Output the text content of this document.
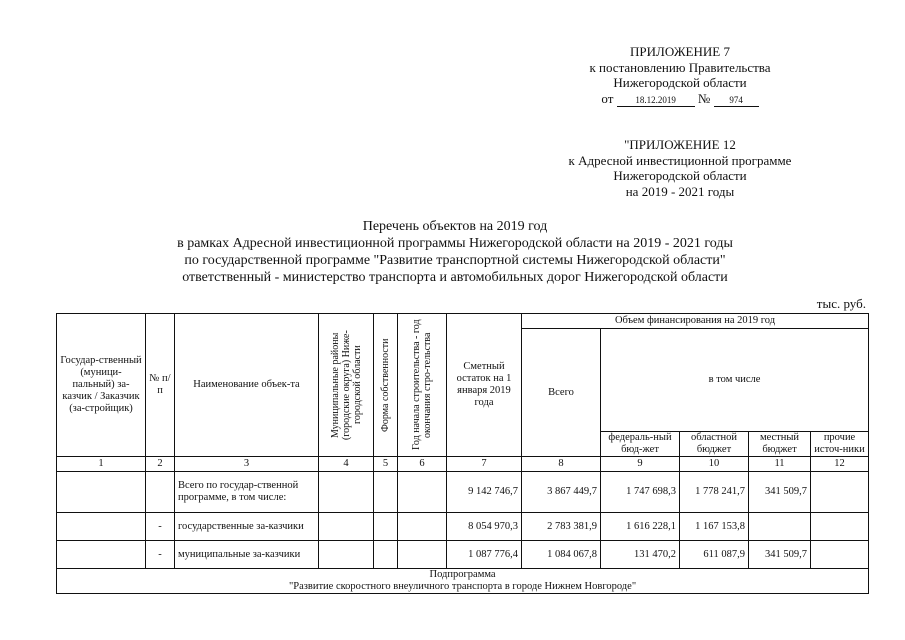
ПРИЛОЖЕНИЕ 7
к постановлению Правительства
Нижегородской области
от 18.12.2019 № 974
"ПРИЛОЖЕНИЕ 12
к Адресной инвестиционной программе
Нижегородской области
на 2019 - 2021 годы
Перечень объектов на 2019 год
в рамках Адресной инвестиционной программы Нижегородской области на 2019 - 2021 годы
по государственной программе "Развитие транспортной системы Нижегородской области"
ответственный - министерство транспорта и автомобильных дорог Нижегородской области
тыс. руб.
Государ-ственный (муници-пальный) за-казчик / Заказчик (за-стройщик)	№ п/п	Наименование объек-та	Муниципальные районы (городские округа) Ниже-городской области	Форма собственности	Год начала строительства - год окончания стро-тельства	Сметный остаток на 1 января 2019 года	Объем финансирования на 2019 год				
							Всего	в том числе			
								федераль-ный бюд-жет	областной бюджет	местный бюджет	прочие источ-ники
1	2	3	4	5	6	7	8	9	10	11	12
		Всего по государ-ственной программе, в том числе:				9 142 746,7	3 867 449,7	1 747 698,3	1 778 241,7	341 509,7	
	-	государственные за-казчики				8 054 970,3	2 783 381,9	1 616 228,1	1 167 153,8		
	-	муниципальные за-казчики				1 087 776,4	1 084 067,8	131 470,2	611 087,9	341 509,7	

Подпрограмма
"Развитие скоростного внеуличного транспорта в городе Нижнем Новгороде"											
